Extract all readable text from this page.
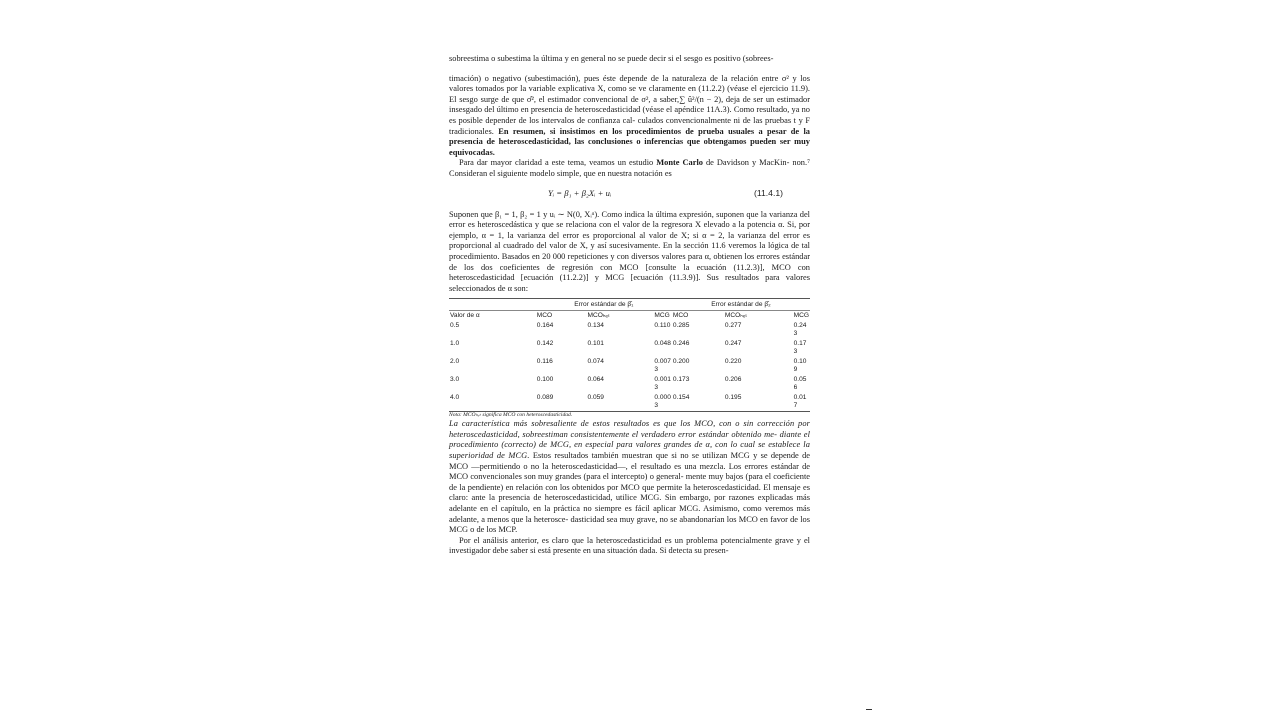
sobreestima o subestima la última y en general no se puede decir si el sesgo es positivo (sobrees-

timación) o negativo (subestimación), pues éste depende de la naturaleza de la relación entre σ² y los valores tomados por la variable explicativa X, como se ve claramente en (11.2.2) (véase el ejercicio 11.9). El sesgo surge de que σ̂², el estimador convencional de σ², a saber,∑ û²/(n − 2), deja de ser un estimador insesgado del último en presencia de heteroscedasticidad (véase el apéndice 11A.3). Como resultado, ya no es posible depender de los intervalos de confianza cal- culados convencionalmente ni de las pruebas t y F tradicionales. En resumen, si insistimos en los procedimientos de prueba usuales a pesar de la presencia de heteroscedasticidad, las conclusiones o inferencias que obtengamos pueden ser muy equivocadas.

Para dar mayor claridad a este tema, veamos un estudio Monte Carlo de Davidson y MacKin- non.⁷ Consideran el siguiente modelo simple, que en nuestra notación es

Yᵢ = β₁ + β₂Xᵢ + uᵢ	(11.4.1)

Suponen que β₁ = 1, β₂ = 1 y uᵢ ∼ N(0, Xᵢᵅ). Como indica la última expresión, suponen que la varianza del error es heteroscedástica y que se relaciona con el valor de la regresora X elevado a la potencia α. Si, por ejemplo, α = 1, la varianza del error es proporcional al valor de X; si α = 2, la varianza del error es proporcional al cuadrado del valor de X, y así sucesivamente. En la sección 11.6 veremos la lógica de tal procedimiento. Basados en 20 000 repeticiones y con diversos valores para α, obtienen los errores estándar de los dos coeficientes de regresión con MCO [consulte la ecuación (11.2.3)], MCO con heteroscedasticidad [ecuación (11.2.2)] y MCG [ecuación (11.3.9)]. Sus resultados para valores seleccionados de α son:

	Error estándar de β̂₁			Error estándar de β̂₂		
Valor de α	MCO	MCOₕₑₜ	MCG	MCO	MCOₕₑₜ	MCG
0.5	0.164	0.134	0.110	0.285	0.277	0.243
1.0	0.142	0.101	0.048	0.246	0.247	0.173
2.0	0.116	0.074	0.0073	0.200	0.220	0.109
3.0	0.100	0.064	0.0013	0.173	0.206	0.056
4.0	0.089	0.059	0.0003	0.154	0.195	0.017

Nota: MCOₕₑₜ significa MCO con heteroscedasticidad.

La característica más sobresaliente de estos resultados es que los MCO, con o sin corrección por heteroscedasticidad, sobreestiman consistentemente el verdadero error estándar obtenido me- diante el procedimiento (correcto) de MCG, en especial para valores grandes de α, con lo cual se establece la superioridad de MCG. Estos resultados también muestran que si no se utilizan MCG y se depende de MCO —permitiendo o no la heteroscedasticidad—, el resultado es una mezcla. Los errores estándar de MCO convencionales son muy grandes (para el intercepto) o general- mente muy bajos (para el coeficiente de la pendiente) en relación con los obtenidos por MCO que permite la heteroscedasticidad. El mensaje es claro: ante la presencia de heteroscedasticidad, utilice MCG. Sin embargo, por razones explicadas más adelante en el capítulo, en la práctica no siempre es fácil aplicar MCG. Asimismo, como veremos más adelante, a menos que la heterosce- dasticidad sea muy grave, no se abandonarían los MCO en favor de los MCG o de los MCP.

Por el análisis anterior, es claro que la heteroscedasticidad es un problema potencialmente grave y el investigador debe saber si está presente en una situación dada. Si detecta su presen-
